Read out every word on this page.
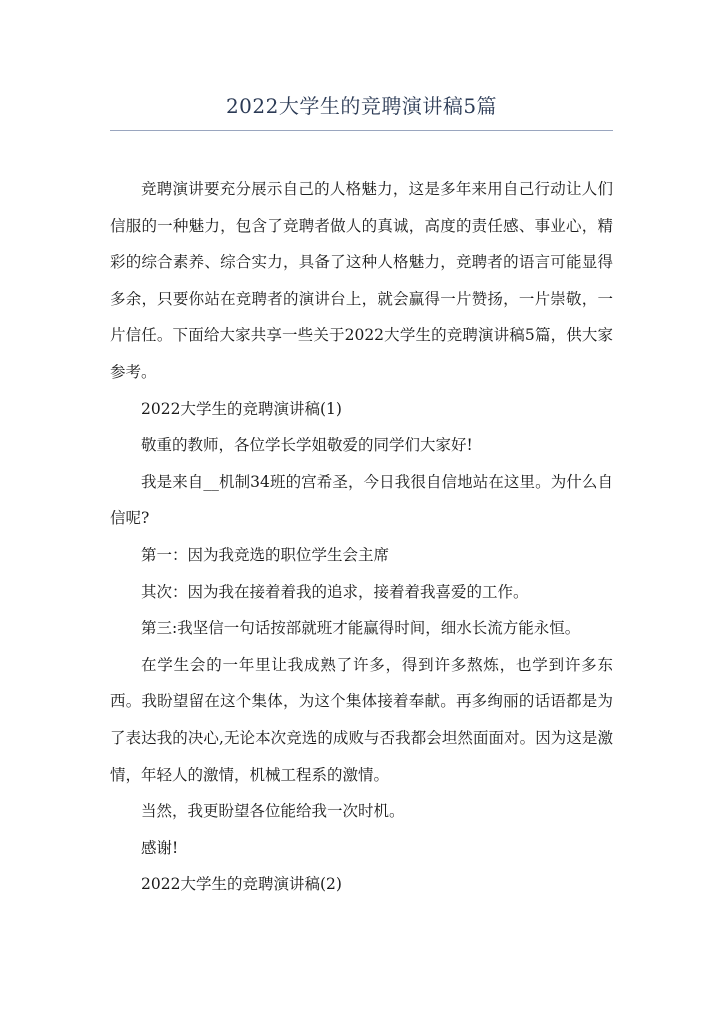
2022大学生的竞聘演讲稿5篇

竞聘演讲要充分展示自己的人格魅力，这是多年来用自己行动让人们信服的一种魅力，包含了竞聘者做人的真诚，高度的责任感、事业心，精彩的综合素养、综合实力，具备了这种人格魅力，竞聘者的语言可能显得多余，只要你站在竞聘者的演讲台上，就会赢得一片赞扬，一片崇敬，一片信任。下面给大家共享一些关于2022大学生的竞聘演讲稿5篇，供大家参考。

2022大学生的竞聘演讲稿(1)

敬重的教师，各位学长学姐敬爱的同学们大家好!

我是来自__机制34班的宫希圣，今日我很自信地站在这里。为什么自信呢?

第一：因为我竞选的职位学生会主席

其次：因为我在接着着我的追求，接着着我喜爱的工作。

第三:我坚信一句话按部就班才能赢得时间，细水长流方能永恒。

在学生会的一年里让我成熟了许多，得到许多熬炼，也学到许多东西。我盼望留在这个集体，为这个集体接着奉献。再多绚丽的话语都是为了表达我的决心,无论本次竞选的成败与否我都会坦然面面对。因为这是激情，年轻人的激情，机械工程系的激情。

当然，我更盼望各位能给我一次时机。

感谢!

2022大学生的竞聘演讲稿(2)
